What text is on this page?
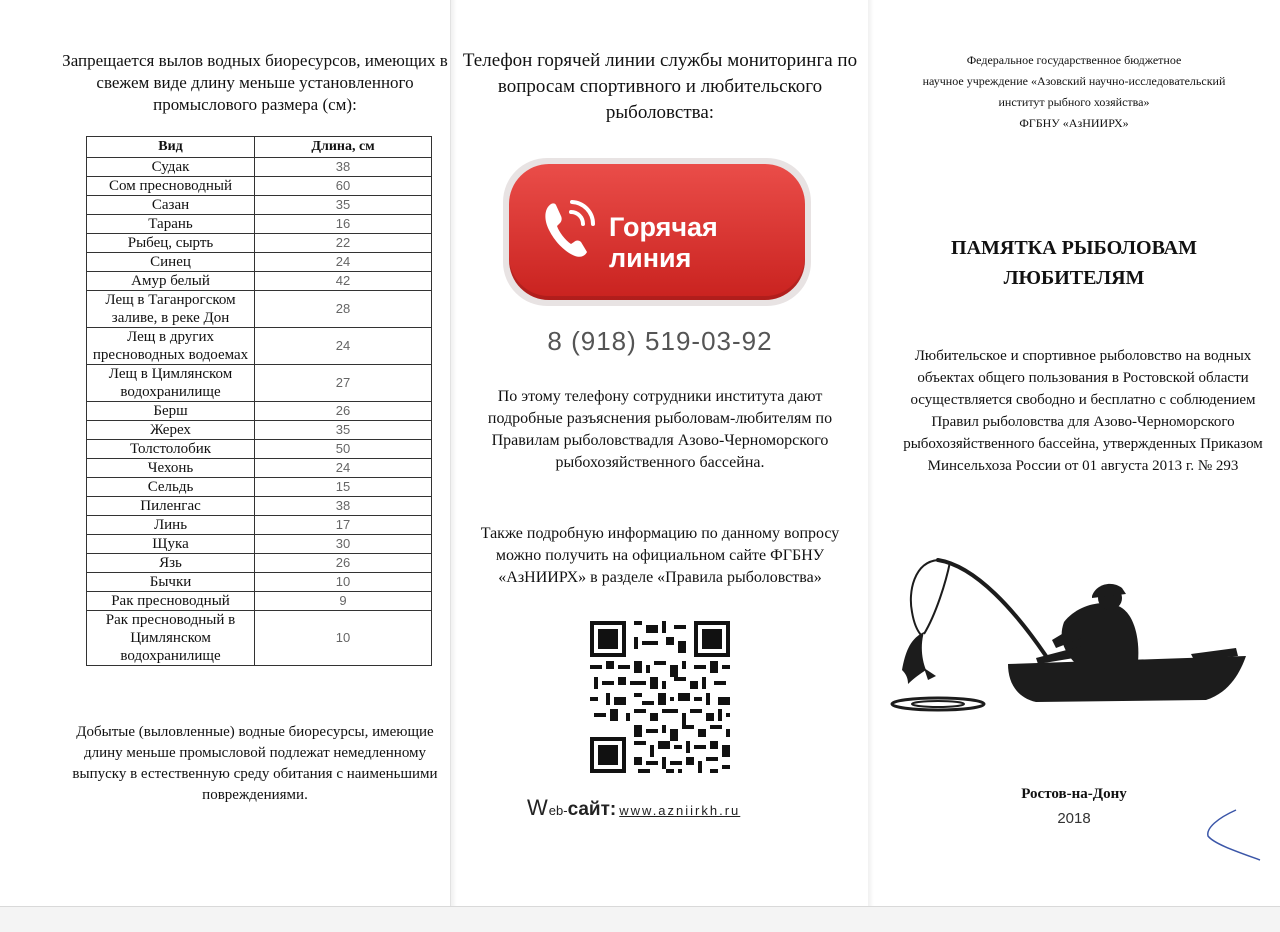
Запрещается вылов водных биоресурсов, имеющих в свежем виде длину меньше установленного промыслового размера (см):
Вид	Длина, см
Судак	38
Сом пресноводный	60
Сазан	35
Тарань	16
Рыбец, сырть	22
Синец	24
Амур белый	42
Лещ в Таганрогском заливе, в реке Дон	28
Лещ в других пресноводных водоемах	24
Лещ в Цимлянском водохранилище	27
Берш	26
Жерех	35
Толстолобик	50
Чехонь	24
Сельдь	15
Пиленгас	38
Линь	17
Щука	30
Язь	26
Бычки	10
Рак пресноводный	9
Рак пресноводный в Цимлянском водохранилище	10
Добытые (выловленные) водные биоресурсы, имеющие длину меньше промысловой подлежат немедленному выпуску в естественную среду обитания с наименьшими повреждениями.
Телефон горячей линии службы мониторинга по вопросам спортивного и любительского рыболовства:
Горячая линия
8 (918) 519-03-92
По этому телефону сотрудники института дают подробные разъяснения рыболовам-любителям по Правилам рыболовствадля Азово-Черноморского рыбохозяйственного бассейна.
Также подробную информацию по данному вопросу можно получить на официальном сайте ФГБНУ «АзНИИРХ» в разделе «Правила рыболовства»
Web-сайт: www.azniirkh.ru
Федеральное государственное бюджетное
научное учреждение «Азовский научно-исследовательский
институт рыбного хозяйства»
ФГБНУ «АзНИИРХ»
ПАМЯТКА РЫБОЛОВАМ
ЛЮБИТЕЛЯМ
Любительское и спортивное рыболовство на водных объектах общего пользования в Ростовской области осуществляется свободно и бесплатно с соблюдением Правил рыболовства для Азово-Черноморского рыбохозяйственного бассейна, утвержденных Приказом Минсельхоза России от 01 августа 2013 г. № 293
Ростов-на-Дону
2018
